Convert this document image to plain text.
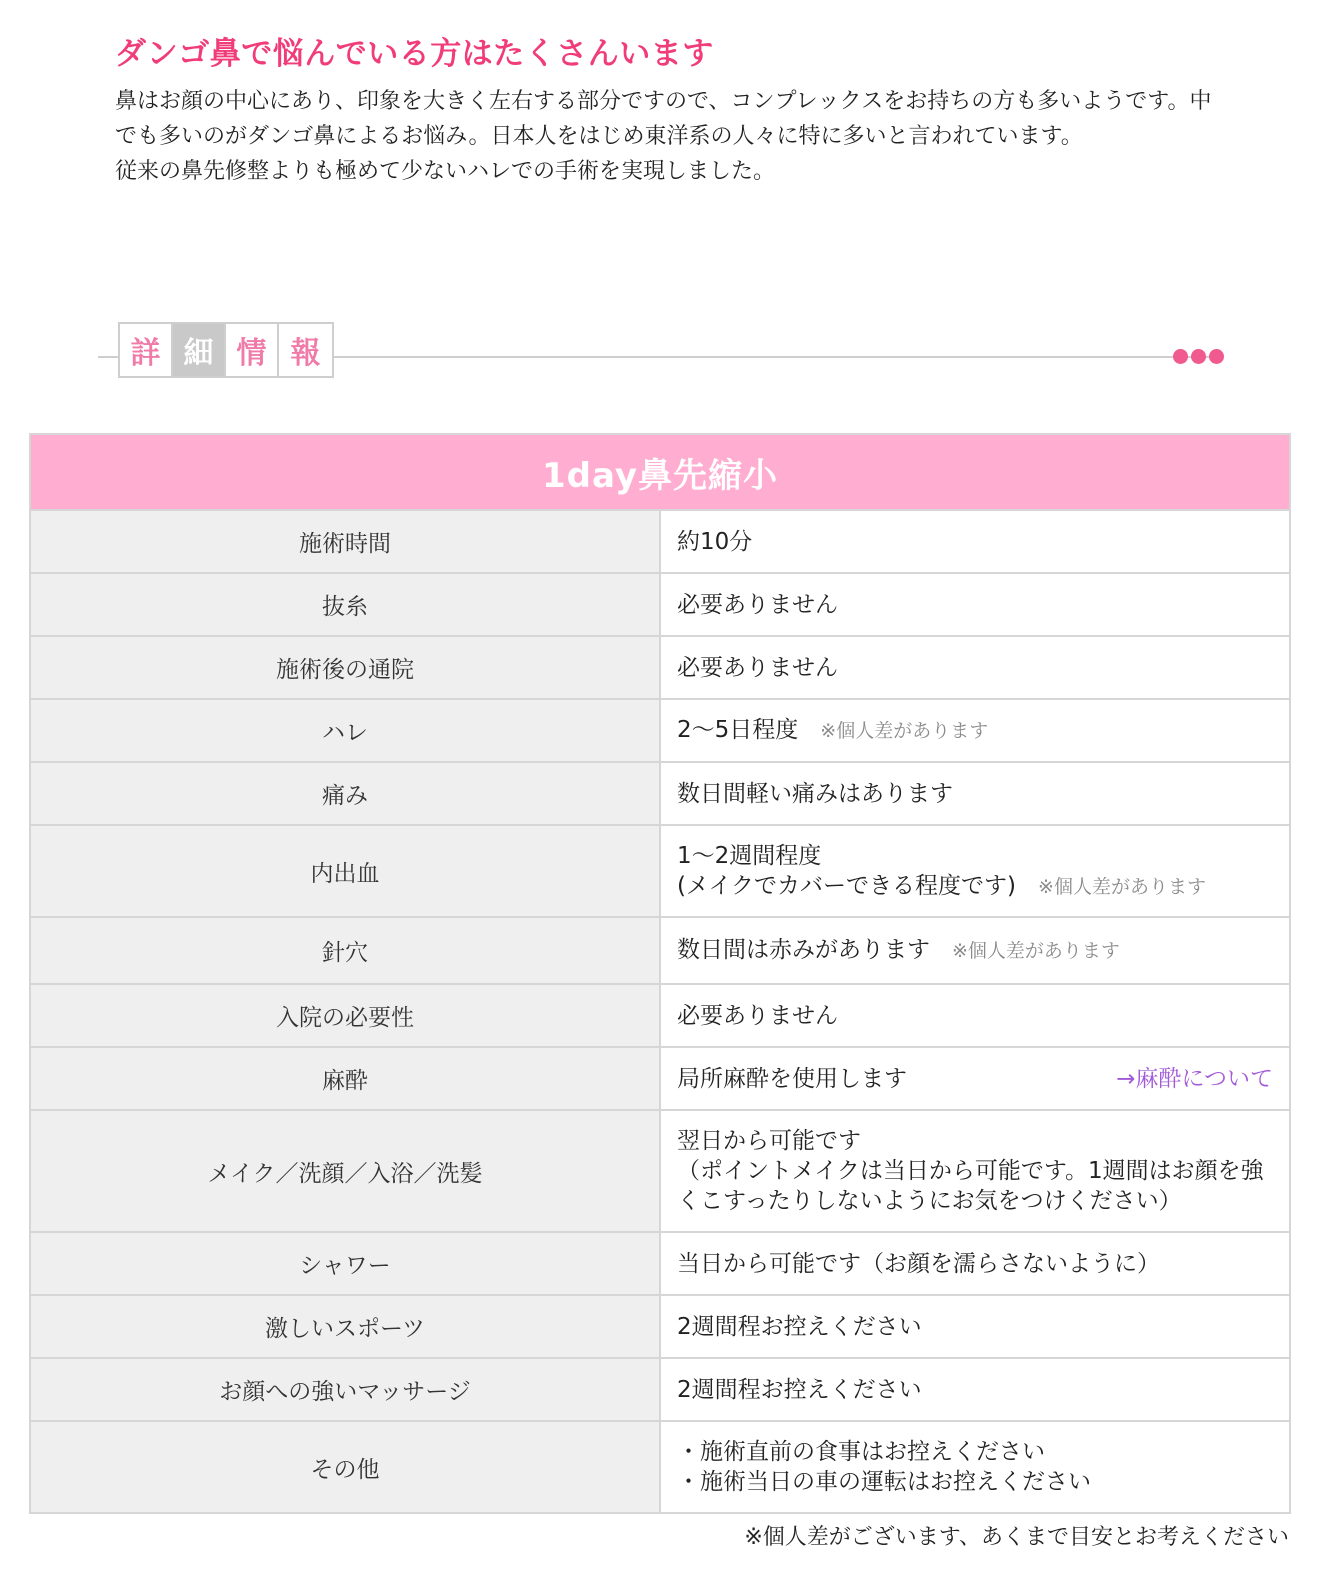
ダンゴ鼻で悩んでいる方はたくさんいます

鼻はお顔の中心にあり、印象を大きく左右する部分ですので、コンプレックスをお持ちの方も多いようです。中でも多いのがダンゴ鼻によるお悩み。日本人をはじめ東洋系の人々に特に多いと言われています。

従来の鼻先修整よりも極めて少ないハレでの手術を実現しました。

詳 細 情 報
1day鼻先縮小	
施術時間	約10分

抜糸	必要ありません

施術後の通院	必要ありません

ハレ	2〜5日程度 ※個人差があります

痛み	数日間軽い痛みはあります

内出血	1〜2週間程度
(メイクでカバーできる程度です) ※個人差があります

針穴	数日間は赤みがあります ※個人差があります

入院の必要性	必要ありません

麻酔	→麻酔について
局所麻酔を使用します

メイク／洗顔／入浴／洗髪	翌日から可能です
（ポイントメイクは当日から可能です。1週間はお顔を強くこすったりしないようにお気をつけください）

シャワー	当日から可能です（お顔を濡らさないように）

激しいスポーツ	2週間程お控えください

お顔への強いマッサージ	2週間程お控えください

その他	・施術直前の食事はお控えください
・施術当日の車の運転はお控えください
※個人差がございます、あくまで目安とお考えください
